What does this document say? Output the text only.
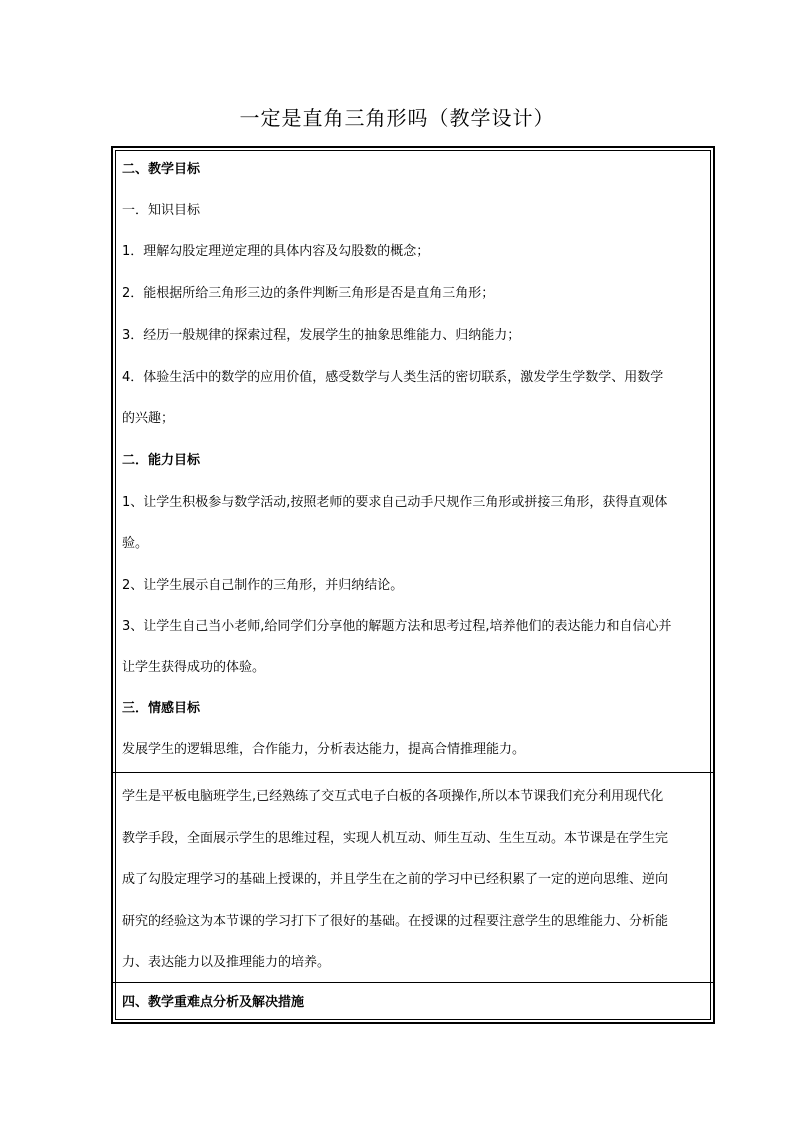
一定是直角三角形吗（教学设计）
二、教学目标
一．知识目标
1．理解勾股定理逆定理的具体内容及勾股数的概念；
2．能根据所给三角形三边的条件判断三角形是否是直角三角形；
3．经历一般规律的探索过程，发展学生的抽象思维能力、归纳能力；
4．体验生活中的数学的应用价值，感受数学与人类生活的密切联系，激发学生学数学、用数学
的兴趣；
二．能力目标
1、让学生积极参与数学活动,按照老师的要求自己动手尺规作三角形或拼接三角形，获得直观体
验。
2、让学生展示自己制作的三角形，并归纳结论。
3、让学生自己当小老师,给同学们分享他的解题方法和思考过程,培养他们的表达能力和自信心并
让学生获得成功的体验。
三．情感目标
发展学生的逻辑思维，合作能力，分析表达能力，提高合情推理能力。
学生是平板电脑班学生,已经熟练了交互式电子白板的各项操作,所以本节课我们充分利用现代化
教学手段，全面展示学生的思维过程，实现人机互动、师生互动、生生互动。本节课是在学生完
成了勾股定理学习的基础上授课的，并且学生在之前的学习中已经积累了一定的逆向思维、逆向
研究的经验这为本节课的学习打下了很好的基础。在授课的过程要注意学生的思维能力、分析能
力、表达能力以及推理能力的培养。
四、教学重难点分析及解决措施
